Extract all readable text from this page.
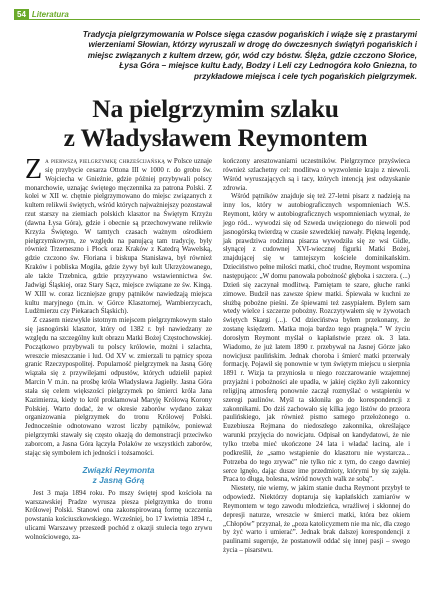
54 Literatura
Tradycja pielgrzymowania w Polsce sięga czasów pogańskich i wiąże się z prastarymi wierzeniami Słowian, którzy wyruszali w drogę do ówczesnych świątyń pogańskich i miejsc związanych z kultem drzew, gór, wód czy bóstw. Ślęża, gdzie czczono Słońce, Łysa Góra – miejsce kultu Łady, Bodzy i Leli czy Lednogóra koło Gniezna, to przykładowe miejsca i cele tych pogańskich pielgrzymek.
Na pielgrzymim szlaku
z Władysławem Reymontem

Za pierwszą pielgrzymkę chrześcijańską w Polsce uznaje się przybycie cesarza Ottona III w 1000 r. do grobu św. Wojciecha w Gnieźnie, gdzie później przybywali polscy monarchowie, uznając świętego męczennika za patrona Polski. Z kolei w XII w. chętnie pielgrzymowano do miejsc związanych z kultem relikwii świętych, wśród których najważniejszy pozostawał rzut starszy na ziemiach polskich klasztor na Świętym Krzyżu (dawna Łysa Góra), gdzie i obecnie są przechowywane relikwie Krzyża Świętego. W tamtych czasach ważnym ośrodkiem pielgrzymkowym, ze względu na panującą tam tradycję, były również Trzemeszno i Płock oraz Kraków z Katedrą Wawelską, gdzie czczono św. Floriana i biskupa Stanisława, był również Kraków i pobliska Mogiła, gdzie żywy był kult Ukrzyżowanego, ale także Trzebnica, gdzie przyzywano wstawiennictwa św. Jadwigi Śląskiej, oraz Stary Sącz, miejsce związane ze św. Kingą. W XIII w. coraz liczniejsze grupy pątników nawiedzają miejsca kultu maryjnego (m.in. w Górce Klasztornej, Wambierzycach, Ludźmierzu czy Piekarach Śląskich).

Z czasem niezwykle istotnym miejscem pielgrzymkowym stało się jasnogórski klasztor, który od 1382 r. był nawiedzany ze względu na szczególny kult obrazu Matki Bożej Częstochowskiej. Początkowo przybywali tu polscy królowie, możni i szlachta, wreszcie mieszczanie i lud. Od XV w. zmierzali tu pątnicy spoza granic Rzeczypospolitej. Popularność pielgrzymek na Jasną Górę wiązała się z przywilejami odpustów, których udzielił papież Marcin V m.in. na prośbę króla Władysława Jagiełły. Jasna Góra stała się celem większości pielgrzymek po śmierci króla Jana Kazimierza, kiedy to król proklamował Maryję Królową Korony Polskiej. Warto dodać, że w okresie zaborów wydano zakaz organizowania pielgrzymek do tronu Królowej Polski. Jednocześnie odnotowano wzrost liczby pątników, ponieważ pielgrzymki stawały się często okazją do demonstracji przeciwko zaborcom, a Jasna Góra łączyła Polaków ze wszystkich zaborów, stając się symbolem ich jedności i tożsamości.

Związki Reymonta
z Jasną Górą

Jest 3 maja 1894 roku. Po mszy świętej spod kościoła na warszawskiej Pradze wyrusza piesza pielgrzymka do tronu Królowej Polski. Stanowi ona zakonspirowaną formę uczczenia powstania kościuszkowskiego. Wcześniej, bo 17 kwietnia 1894 r., ulicami Warszawy przeszedł pochód z okazji stulecia tego zrywu wolnościowego, za-

kończony aresztowaniami uczestników. Pielgrzymce przyświeca również szlachetny cel: modlitwa o wyzwolenie kraju z niewoli. Wśród wyruszających są i tacy, których intencją jest odzyskanie zdrowia.

Wśród pątników znajduje się też 27-letni pisarz z nadzieją na inny los, który w autobiograficznych wspomnieniach W.S. Reymont, który w autobiograficznych wspomnieniach wyznał, że jego ród... wywodzi się od Szweda uwięzionego do niewoli pod jasnogórską twierdzą w czasie szwedzkiej nawały. Piękną legendę, jak prawdziwa rodzinna pisarza wywodziła się ze wsi Gidle, słynącej z cudownej XVI-wiecznej figurki Matki Bożej, znajdującej się w tamtejszym kościele dominikańskim. Dzieciństwo pełne miłości matki, choć trudne, Reymont wspomina następująco: „W domu panowała pobożność głęboka i szczera. (...) Dzień się zaczynał modlitwą. Pamiętam te szare, głuche ranki zimowe. Budził nas zawsze śpiew matki. Śpiewała w kuchni ze służbą pobożne pieśni. Ze śpiewami też zasypiałem. Bylem sam wtedy wielce i szczerze pobożny. Rozczytywałem się w żywotach świętych Skargi (...). Od dzieciństwa byłem przekonany, że zostanę księdzem. Matka moja bardzo tego pragnęła.” W życiu dorosłym Reymont myślał o kapłaństwie przez ok. 3 lata. Wiadomo, że już latem 1890 r. przebywał na Jasnej Górze jako nowicjusz paulińskim. Jednak choroba i śmierć matki przerwały formację. Pojawił się ponownie w tym świętym miejscu u sierpnia 1891 r. Wizja ta przyniosła u niego rozczarowanie wzajemnej przyjaźni i pobożności ale upadła, w jakiej ciężko żyli zakonnicy religijną atmosferą ponownie zaczął rozmyślać o wstąpieniu w szeregi paulinów. Myśl ta skłoniła go do korespondencji z zakonnikami. Do dziś zachowało się kilka jego listów do przeora paulińskiego, jak również pismo samego przełożonego o. Euzebiusza Rejmana do niedoszłego zakonnika, określające warunki przyjęcia do nowicjatu. Odpisał on kandydatowi, że nie tylko trzeba mieć ukończone 24 lata i władać łaciną, ale i podkreślił, że „samo wstąpienie do klasztoru nie wystarcza... Potrzeba do tego zrywać” nie tylko nic z tym, do czego dawniej serce lgnęło, dając dusze ime przedmioty, którymi by się zajęła. Praca to długa, bolesna, wśród nowych walk ze sobą”.

Niestety, nie wiemy, w jakim stanie ducha Reymont przybył te odpowiedź. Niektórzy doptaruja się kapłańskich zamiarów w Reymontem w tego zawodu młodzieńca, wrażliwej i skłonnej do depresji naturze, wreszcie w śmierci matki, która bez okiem „Chłopów” przyznał, że „poza katolicyzmem nie ma nic, dla czego by żyć warto i umierać”. Jednak brak dalszej korespondencji z paulinami sugeruje, że postanowił oddać się innej pasji – swego życia – pisarstwu.
